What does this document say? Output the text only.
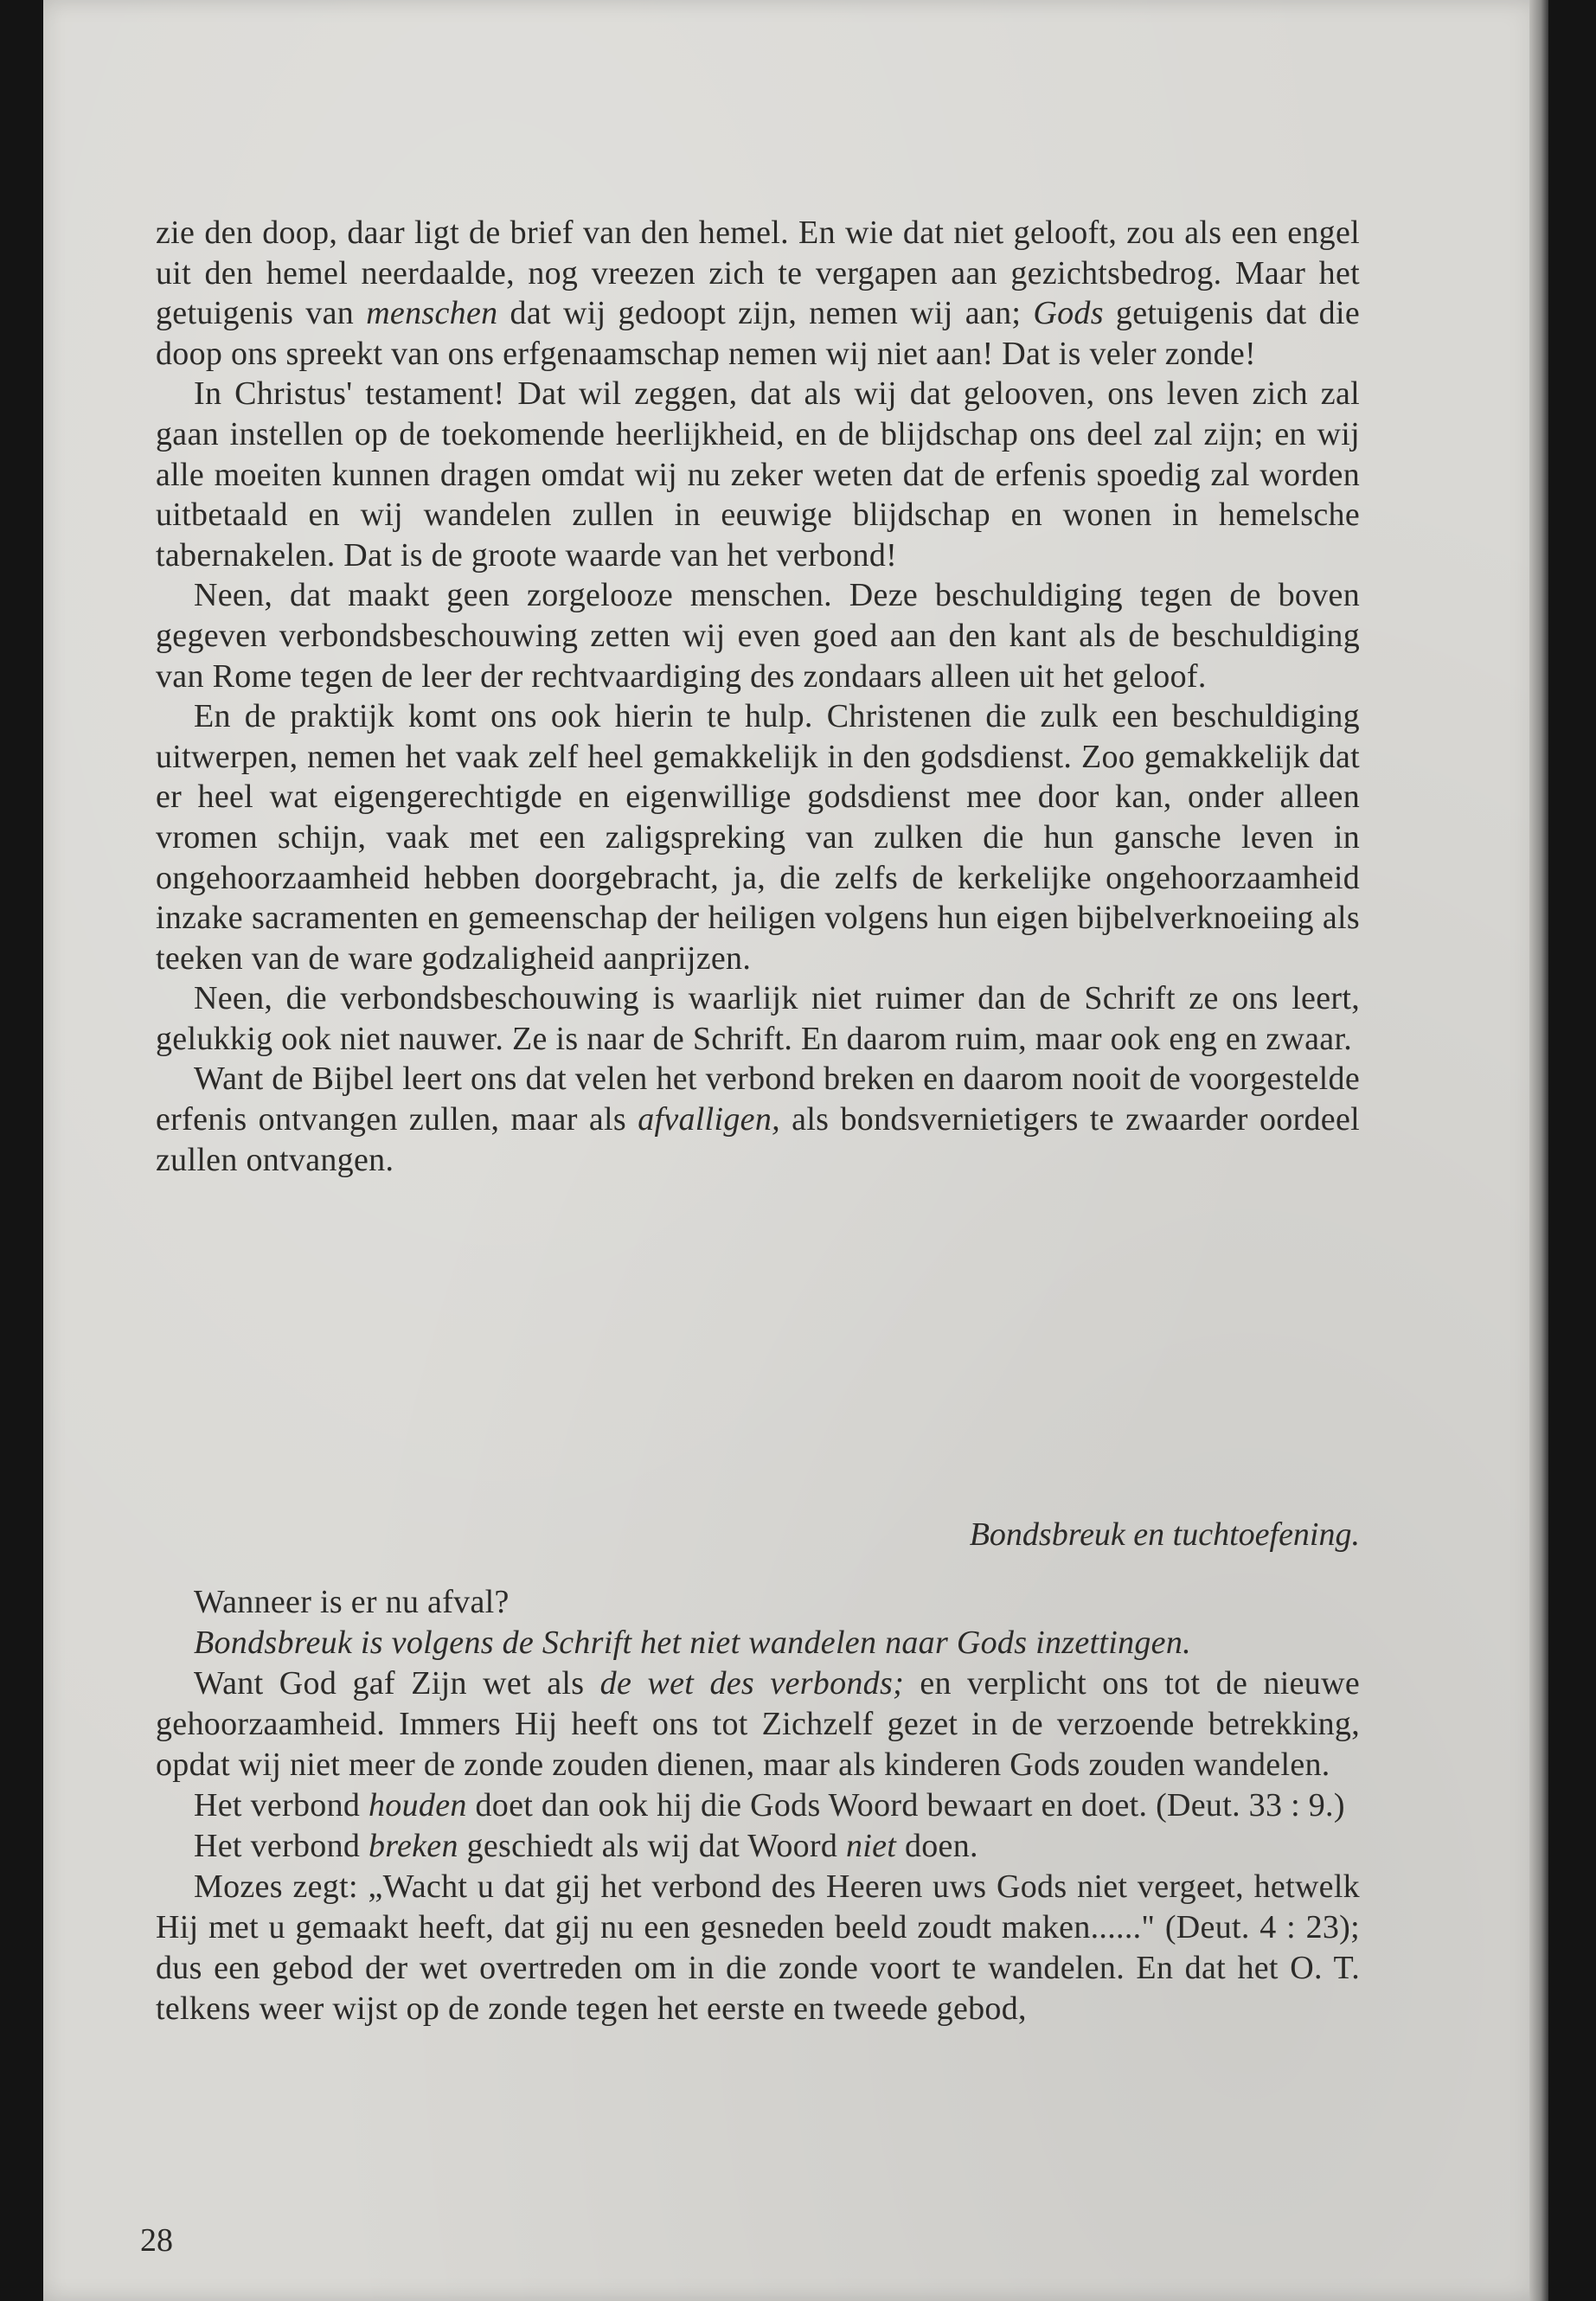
zie den doop, daar ligt de brief van den hemel. En wie dat niet gelooft, zou als een engel uit den hemel neerdaalde, nog vreezen zich te vergapen aan gezichtsbedrog. Maar het getuigenis van menschen dat wij gedoopt zijn, nemen wij aan; Gods getuigenis dat die doop ons spreekt van ons erfgenaamschap nemen wij niet aan! Dat is veler zonde!

In Christus' testament! Dat wil zeggen, dat als wij dat gelooven, ons leven zich zal gaan instellen op de toekomende heerlijkheid, en de blijdschap ons deel zal zijn; en wij alle moeiten kunnen dragen omdat wij nu zeker weten dat de erfenis spoedig zal worden uitbetaald en wij wandelen zullen in eeuwige blijdschap en wonen in hemelsche tabernakelen. Dat is de groote waarde van het verbond!

Neen, dat maakt geen zorgelooze menschen. Deze beschuldiging tegen de boven gegeven verbondsbeschouwing zetten wij even goed aan den kant als de beschuldiging van Rome tegen de leer der rechtvaardiging des zondaars alleen uit het geloof.

En de praktijk komt ons ook hierin te hulp. Christenen die zulk een beschuldiging uitwerpen, nemen het vaak zelf heel gemakkelijk in den godsdienst. Zoo gemakkelijk dat er heel wat eigengerechtigde en eigenwillige godsdienst mee door kan, onder alleen vromen schijn, vaak met een zaligspreking van zulken die hun gansche leven in ongehoorzaamheid hebben doorgebracht, ja, die zelfs de kerkelijke ongehoorzaamheid inzake sacramenten en gemeenschap der heiligen volgens hun eigen bijbelverknoeiing als teeken van de ware godzaligheid aanprijzen.

Neen, die verbondsbeschouwing is waarlijk niet ruimer dan de Schrift ze ons leert, gelukkig ook niet nauwer. Ze is naar de Schrift. En daarom ruim, maar ook eng en zwaar.

Want de Bijbel leert ons dat velen het verbond breken en daarom nooit de voorgestelde erfenis ontvangen zullen, maar als afvalligen, als bondsvernietigers te zwaarder oordeel zullen ontvangen.

Bondsbreuk en tuchtoefening.

Wanneer is er nu afval?

Bondsbreuk is volgens de Schrift het niet wandelen naar Gods inzettingen.

Want God gaf Zijn wet als de wet des verbonds; en verplicht ons tot de nieuwe gehoorzaamheid. Immers Hij heeft ons tot Zichzelf gezet in de verzoende betrekking, opdat wij niet meer de zonde zouden dienen, maar als kinderen Gods zouden wandelen.

Het verbond houden doet dan ook hij die Gods Woord bewaart en doet. (Deut. 33 : 9.)

Het verbond breken geschiedt als wij dat Woord niet doen.

Mozes zegt: „Wacht u dat gij het verbond des Heeren uws Gods niet vergeet, hetwelk Hij met u gemaakt heeft, dat gij nu een gesneden beeld zoudt maken......" (Deut. 4 : 23); dus een gebod der wet overtreden om in die zonde voort te wandelen. En dat het O. T. telkens weer wijst op de zonde tegen het eerste en tweede gebod,

28
